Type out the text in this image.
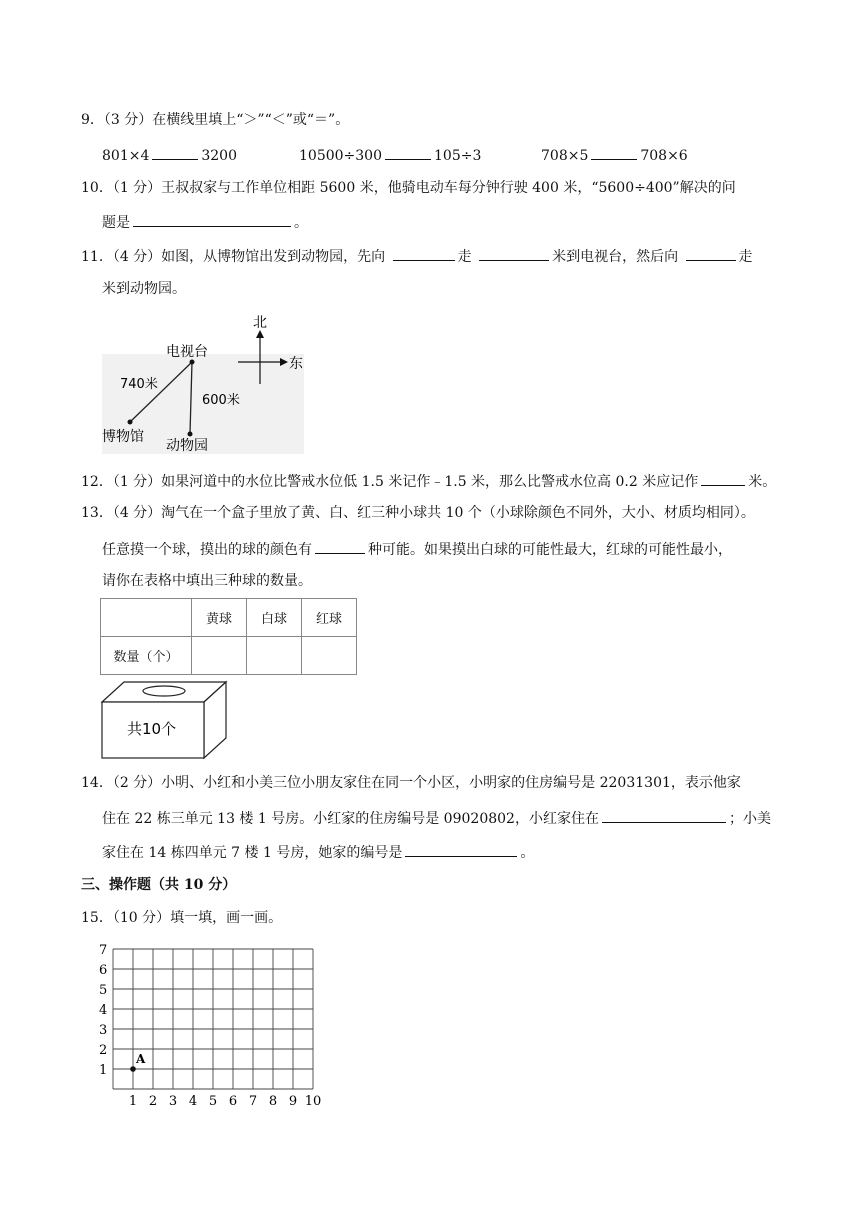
9．（3 分）在横线里填上“＞”“＜”或“＝”。
801×4	3200	10500÷300	105÷3	708×5	708×6
10．（1 分）王叔叔家与工作单位相距 5600 米，他骑电动车每分钟行驶 400 米，“5600÷400”解决的问
题是	。
11．（4 分）如图，从博物馆出发到动物园，先向	走	米到电视台，然后向	走
米到动物园。
电视台
740米
600米
博物馆
动物园
北
东
12．（1 分）如果河道中的水位比警戒水位低 1.5 米记作﹣1.5 米，那么比警戒水位高 0.2 米应记作	米。
13．（4 分）淘气在一个盒子里放了黄、白、红三种小球共 10 个（小球除颜色不同外，大小、材质均相同）。
任意摸一个球，摸出的球的颜色有	种可能。如果摸出白球的可能性最大，红球的可能性最小，
请你在表格中填出三种球的数量。
	黄球	白球	红球
数量（个）			
共10个
14．（2 分）小明、小红和小美三位小朋友家住在同一个小区，小明家的住房编号是 22031301，表示他家
住在 22 栋三单元 13 楼 1 号房。小红家的住房编号是 09020802，小红家住在	；小美
家住在 14 栋四单元 7 楼 1 号房，她家的编号是	。
三、操作题（共 10 分）
15．（10 分）填一填，画一画。
1
2
3
4
5
6
7
1 2 3 4 5 6 7 8 9 10
A
